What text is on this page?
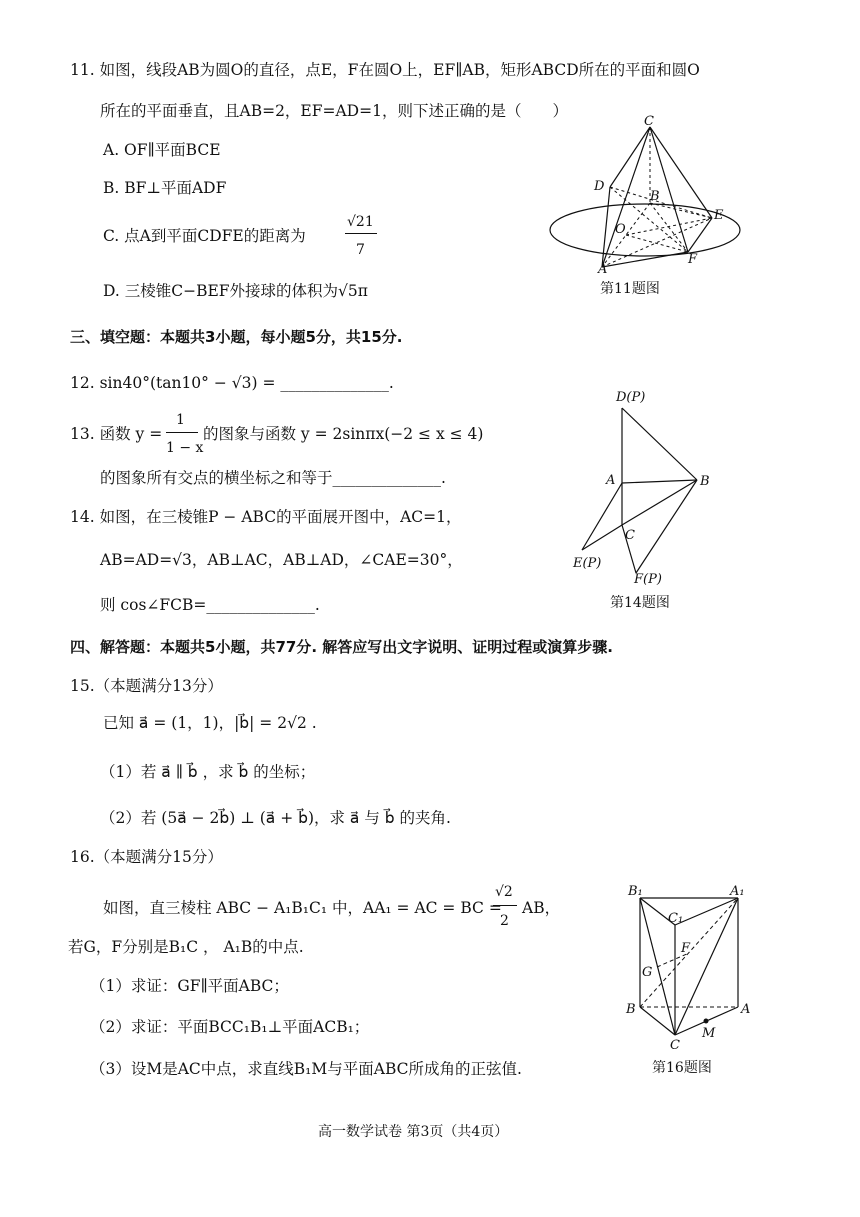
11. 如图，线段AB为圆O的直径，点E，F在圆O上，EF∥AB，矩形ABCD所在的平面和圆O
所在的平面垂直，且AB=2，EF=AD=1，则下述正确的是（　　）
A. OF∥平面BCE
B. BF⊥平面ADF
C. 点A到平面CDFE的距离为
√21
7
D. 三棱锥C−BEF外接球的体积为√5π
C
D
B
E
O
A
F
第11题图
三、填空题：本题共3小题，每小题5分，共15分.
12. sin40°(tan10° − √3) = ______________.
13. 函数 y =
1
1 − x
的图象与函数 y = 2sinπx(−2 ≤ x ≤ 4)
的图象所有交点的横坐标之和等于______________.
14. 如图，在三棱锥P − ABC的平面展开图中，AC=1，
AB=AD=√3，AB⊥AC，AB⊥AD，∠CAE=30°，
则 cos∠FCB=______________.
D(P)
A	B
C
E(P)
F(P)
第14题图
四、解答题：本题共5小题，共77分. 解答应写出文字说明、证明过程或演算步骤.
15.（本题满分13分）
已知 a⃗ = (1，1)，|b⃗| = 2√2 .
（1）若 a⃗ ∥ b⃗ ，求 b⃗ 的坐标；
（2）若 (5a⃗ − 2b⃗) ⊥ (a⃗ + b⃗)，求 a⃗ 与 b⃗ 的夹角.
16.（本题满分15分）
如图，直三棱柱 ABC − A₁B₁C₁ 中，AA₁ = AC = BC =
√2
2
AB，
若G，F分别是B₁C ， A₁B的中点.
（1）求证：GF∥平面ABC；
（2）求证：平面BCC₁B₁⊥平面ACB₁；
（3）设M是AC中点，求直线B₁M与平面ABC所成角的正弦值.
B₁	A₁
C₁
F
G
B	A
M
C
第16题图
高一数学试卷 第3页（共4页）
